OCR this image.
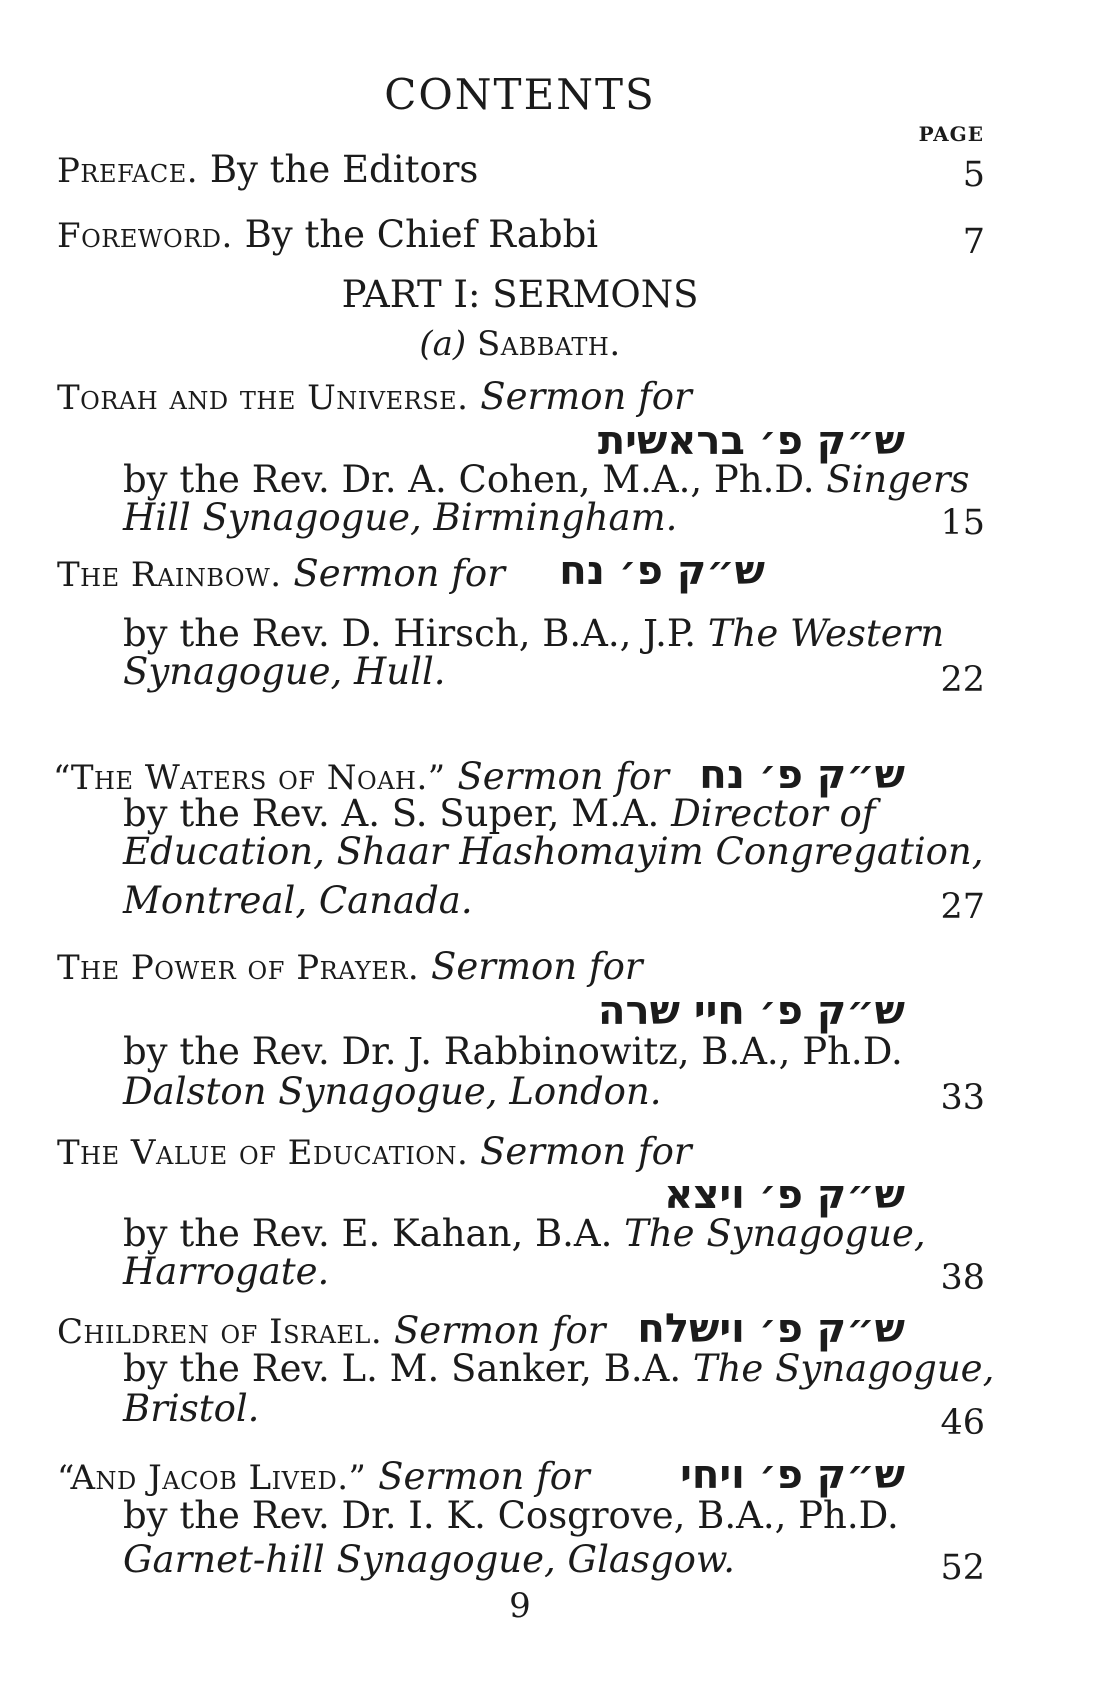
CONTENTS
PAGE
Preface. By the Editors	5
Foreword. By the Chief Rabbi	7
PART I: SERMONS
(a) Sabbath.
Torah and the Universe. Sermon for
ש״ק פ׳ בראשית
by the Rev. Dr. A. Cohen, M.A., Ph.D. Singers
Hill Synagogue, Birmingham.	15
The Rainbow. Sermon for ש״ק פ׳ נח
by the Rev. D. Hirsch, B.A., J.P. The Western
Synagogue, Hull.	22
“The Waters of Noah.” Sermon for ש״ק פ׳ נח
by the Rev. A. S. Super, M.A. Director of
Education, Shaar Hashomayim Congregation,
Montreal, Canada.	27
The Power of Prayer. Sermon for
ש״ק פ׳ חיי שרה
by the Rev. Dr. J. Rabbinowitz, B.A., Ph.D.
Dalston Synagogue, London.	33
The Value of Education. Sermon for
ש״ק פ׳ ויצא
by the Rev. E. Kahan, B.A. The Synagogue,
Harrogate.	38
Children of Israel. Sermon for ש״ק פ׳ וישלח
by the Rev. L. M. Sanker, B.A. The Synagogue,
Bristol.	46
“And Jacob Lived.” Sermon for ש״ק פ׳ ויחי
by the Rev. Dr. I. K. Cosgrove, B.A., Ph.D.
Garnet-hill Synagogue, Glasgow.	52
9
